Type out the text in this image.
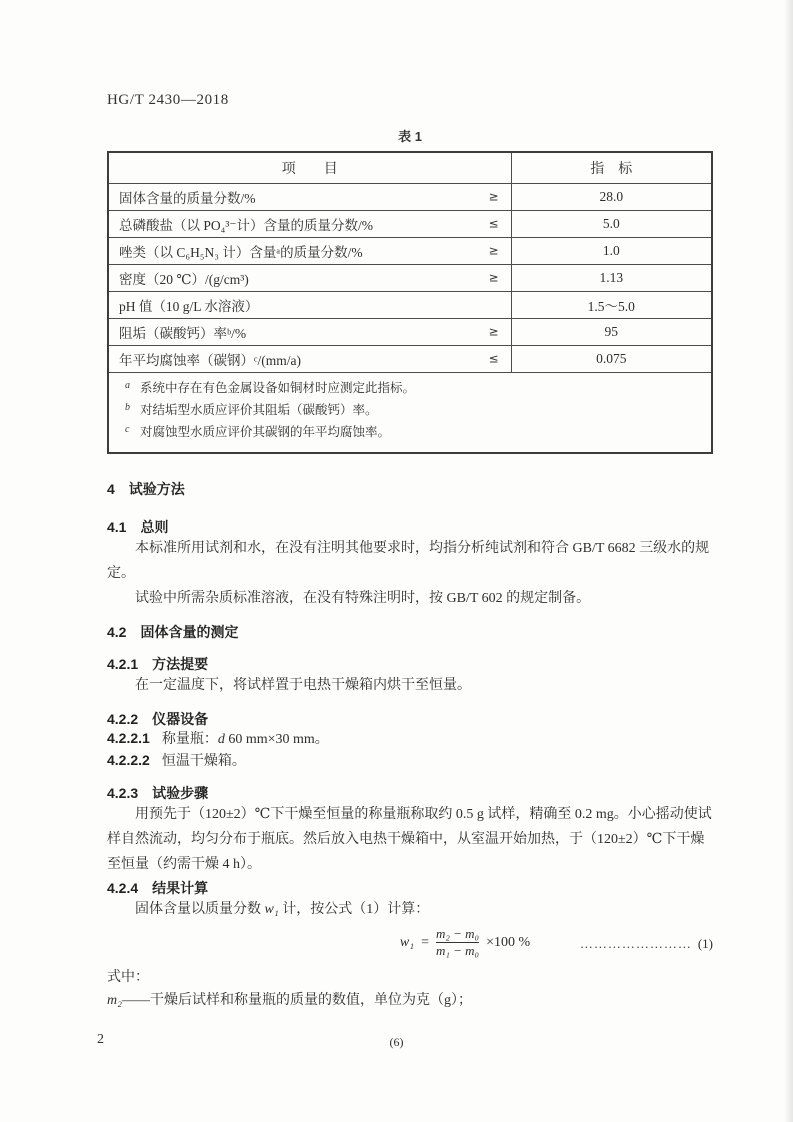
HG/T 2430—2018
表 1
项　　目	指　标
固体含量的质量分数/% ≥	28.0
总磷酸盐（以 PO₄³⁻计）含量的质量分数/% ≤	5.0
唑类（以 C₆H₅N₃ 计）含量ᵃ的质量分数/% ≥	1.0
密度（20 ℃）/(g/cm³) ≥	1.13
pH 值（10 g/L 水溶液）	1.5～5.0
阻垢（碳酸钙）率ᵇ/% ≥	95
年平均腐蚀率（碳钢）ᶜ/(mm/a) ≤	0.075

a 系统中存在有色金属设备如铜材时应测定此指标。
b 对结垢型水质应评价其阻垢（碳酸钙）率。
c 对腐蚀型水质应评价其碳钢的年平均腐蚀率。	
4　试验方法
4.1　总则

本标准所用试剂和水，在没有注明其他要求时，均指分析纯试剂和符合 GB/T 6682 三级水的规定。

试验中所需杂质标准溶液，在没有特殊注明时，按 GB/T 602 的规定制备。

4.2　固体含量的测定
4.2.1　方法提要

在一定温度下，将试样置于电热干燥箱内烘干至恒量。

4.2.2　仪器设备

4.2.2.1 称量瓶：d 60 mm×30 mm。

4.2.2.2 恒温干燥箱。

4.2.3　试验步骤

用预先于（120±2）℃下干燥至恒量的称量瓶称取约 0.5 g 试样，精确至 0.2 mg。小心摇动使试样自然流动，均匀分布于瓶底。然后放入电热干燥箱中，从室温开始加热，于（120±2）℃下干燥至恒量（约需干燥 4 h）。

4.2.4　结果计算

固体含量以质量分数 w₁ 计，按公式（1）计算：

$w_1 = \frac{\text{m₂ − m₀}}{\text{m₁ − m₀}} \times 100$ %	…………………… (1)

式中：

m₂——干燥后试样和称量瓶的质量的数值，单位为克（g）；

2	(6)
